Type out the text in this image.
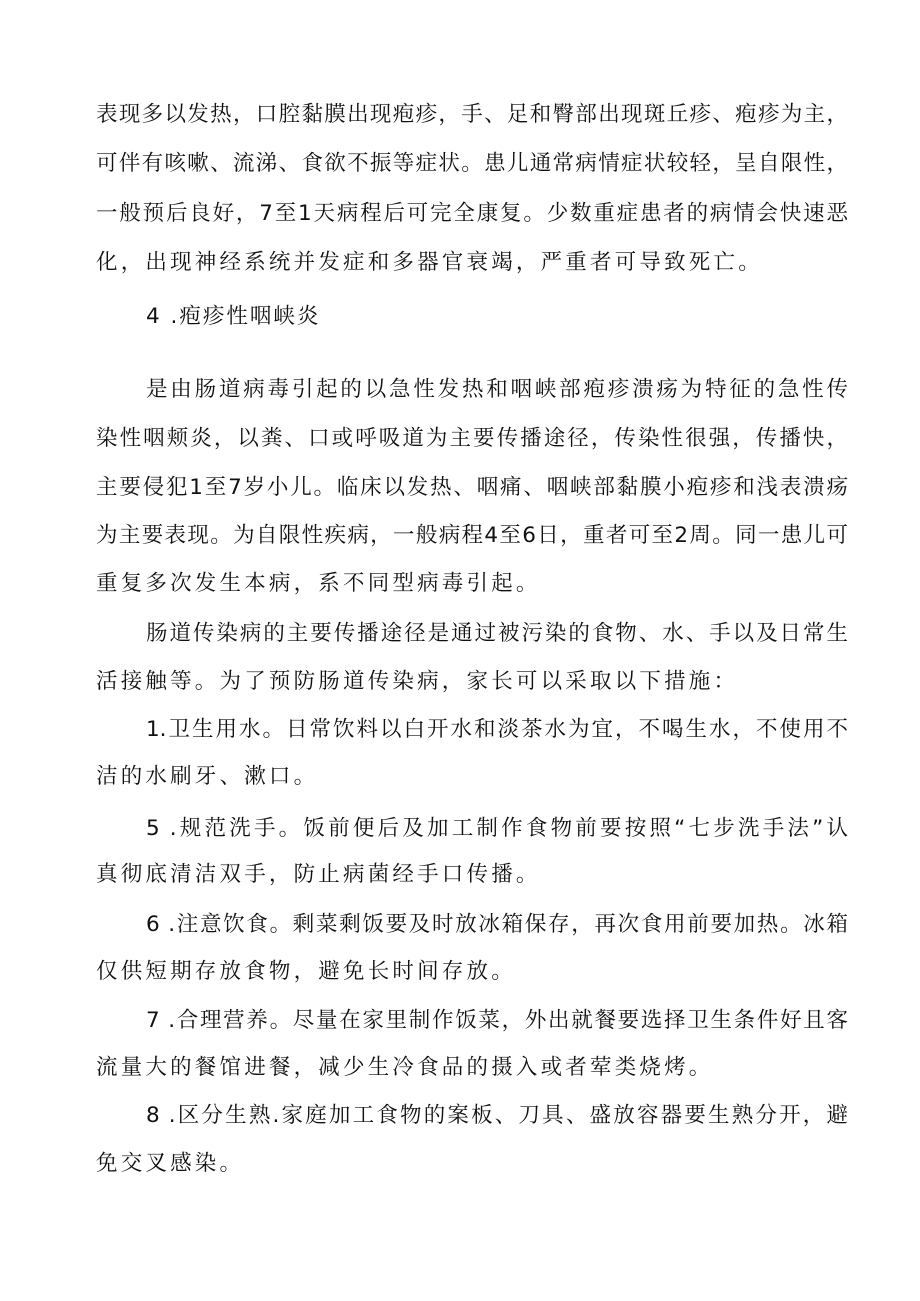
表现多以发热，口腔黏膜出现疱疹，手、足和臀部出现斑丘疹、疱疹为主，

可伴有咳嗽、流涕、食欲不振等症状。患儿通常病情症状较轻，呈自限性，

一般预后良好，7至1天病程后可完全康复。少数重症患者的病情会快速恶

化，出现神经系统并发症和多器官衰竭，严重者可导致死亡。

4 .疱疹性咽峡炎

是由肠道病毒引起的以急性发热和咽峡部疱疹溃疡为特征的急性传

染性咽颊炎，以粪、口或呼吸道为主要传播途径，传染性很强，传播快，

主要侵犯1至7岁小儿。临床以发热、咽痛、咽峡部黏膜小疱疹和浅表溃疡

为主要表现。为自限性疾病，一般病程4至6日，重者可至2周。同一患儿可

重复多次发生本病，系不同型病毒引起。

肠道传染病的主要传播途径是通过被污染的食物、水、手以及日常生

活接触等。为了预防肠道传染病，家长可以采取以下措施：

1.卫生用水。日常饮料以白开水和淡茶水为宜，不喝生水，不使用不

洁的水刷牙、漱口。

5 .规范洗手。饭前便后及加工制作食物前要按照“七步洗手法”认

真彻底清洁双手，防止病菌经手口传播。

6 .注意饮食。剩菜剩饭要及时放冰箱保存，再次食用前要加热。冰箱

仅供短期存放食物，避免长时间存放。

7 .合理营养。尽量在家里制作饭菜，外出就餐要选择卫生条件好且客

流量大的餐馆进餐，减少生冷食品的摄入或者荤类烧烤。

8 .区分生熟.家庭加工食物的案板、刀具、盛放容器要生熟分开，避

免交叉感染。
